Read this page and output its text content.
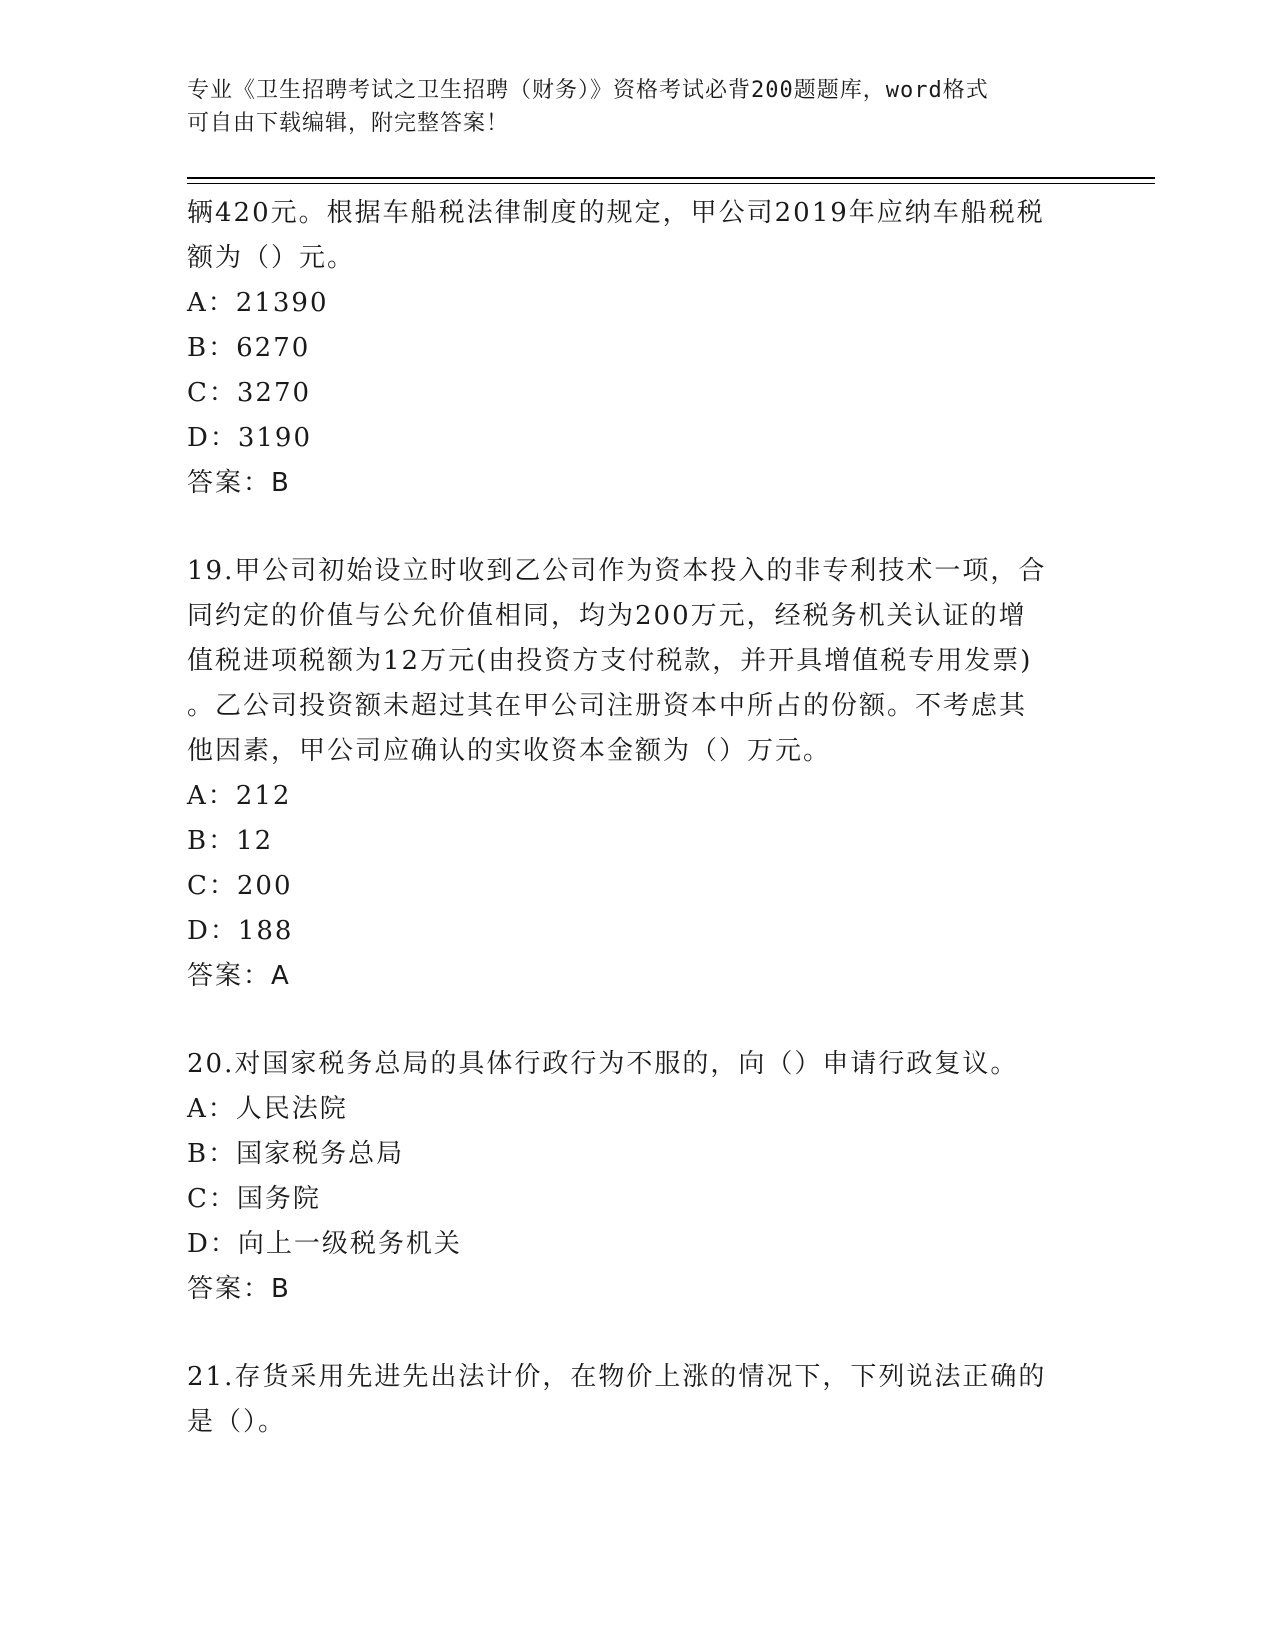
专业《卫生招聘考试之卫生招聘（财务）》资格考试必背200题题库，word格式
可自由下载编辑，附完整答案！
辆420元。根据车船税法律制度的规定，甲公司2019年应纳车船税税
额为（）元。
A：21390
B：6270
C：3270
D：3190
答案：B
19.甲公司初始设立时收到乙公司作为资本投入的非专利技术一项，合
同约定的价值与公允价值相同，均为200万元，经税务机关认证的增
值税进项税额为12万元(由投资方支付税款，并开具增值税专用发票)
。乙公司投资额未超过其在甲公司注册资本中所占的份额。不考虑其
他因素，甲公司应确认的实收资本金额为（）万元。
A：212
B：12
C：200
D：188
答案：A
20.对国家税务总局的具体行政行为不服的，向（）申请行政复议。
A：人民法院
B：国家税务总局
C：国务院
D：向上一级税务机关
答案：B
21.存货采用先进先出法计价，在物价上涨的情况下，下列说法正确的
是（）。
